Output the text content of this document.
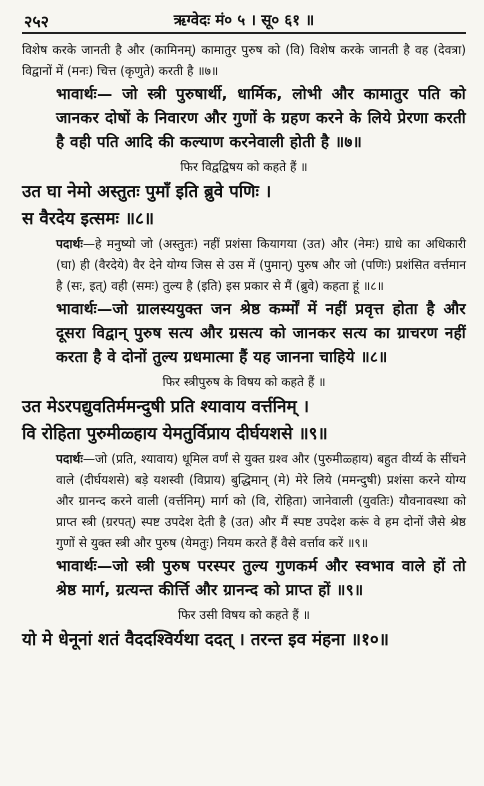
२५२	ऋग्वेदः मं० ५ । सू० ६१ ॥

विशेष करके जानती है और (कामिनम्) कामातुर पुरुष को (वि) विशेष करके जानती है वह (देवत्रा) विद्वानों में (मनः) चित्त (कृणुते) करती है ॥७॥

भावार्थः— जो स्त्री पुरुषार्थी, धार्मिक, लोभी और कामातुर पति को जानकर दोषों के निवारण और गुणों के ग्रहण करने के लिये प्रेरणा करती है वही पति आदि की कल्याण करनेवाली होती है ॥७॥

फिर विद्वद्विषय को कहते हैं ॥

उत घा नेमो अस्तुतः पुमाँ इति ब्रुवे पणिः ।

स वैरदेय इत्समः ॥८॥

पदार्थः—हे मनुष्यो जो (अस्तुतः) नहीं प्रशंसा कियागया (उत) और (नेमः) ग्राधे का अधिकारी (घा) ही (वैरदेये) वैर देने योग्य जिस से उस में (पुमान्) पुरुष और जो (पणिः) प्रशंसित वर्त्तमान है (सः, इत्) वही (समः) तुल्य है (इति) इस प्रकार से मैं (ब्रुवे) कहता हूं ॥८॥

भावार्थः—जो ग्रालस्ययुक्त जन श्रेष्ठ कर्म्मों में नहीं प्रवृत्त होता है और दूसरा विद्वान् पुरुष सत्य और ग्रसत्य को जानकर सत्य का ग्राचरण नहीं करता है वे दोनों तुल्य ग्रधमात्मा हैं यह जानना चाहिये ॥८॥

फिर स्त्रीपुरुष के विषय को कहते हैं ॥

उत मेऽरपद्युवतिर्ममन्दुषी प्रति श्यावाय वर्त्तनिम् ।

वि रोहिता पुरुमीळ्हाय येमतुर्विप्राय दीर्घयशसे ॥९॥

पदार्थः—जो (प्रति, श्यावाय) धूमिल वर्णं से युक्त ग्रश्व और (पुरुमीळ्हाय) बहुत वीर्य्य के सींचने वाले (दीर्घयशसे) बड़े यशस्वी (विप्राय) बुद्धिमान् (मे) मेरे लिये (ममन्दुषी) प्रशंसा करने योग्य और ग्रानन्द करने वाली (वर्त्तनिम्) मार्ग को (वि, रोहिता) जानेवाली (युवतिः) यौवनावस्था को प्राप्त स्त्री (ग्ररपत्) स्पष्ट उपदेश देती है (उत) और मैं स्पष्ट उपदेश करूं वे हम दोनों जैसे श्रेष्ठ गुणों से युक्त स्त्री और पुरुष (येमतुः) नियम करते हैं वैसे वर्त्ताव करें ॥९॥

भावार्थः—जो स्त्री पुरुष परस्पर तुल्य गुणकर्म और स्वभाव वाले हों तो श्रेष्ठ मार्ग, ग्रत्यन्त कीर्त्ति और ग्रानन्द को प्राप्त हों ॥९॥

फिर उसी विषय को कहते हैं ॥

यो मे धेनूनां शतं वैददश्विर्यथा ददत् । तरन्त इव मंहना ॥१०॥
